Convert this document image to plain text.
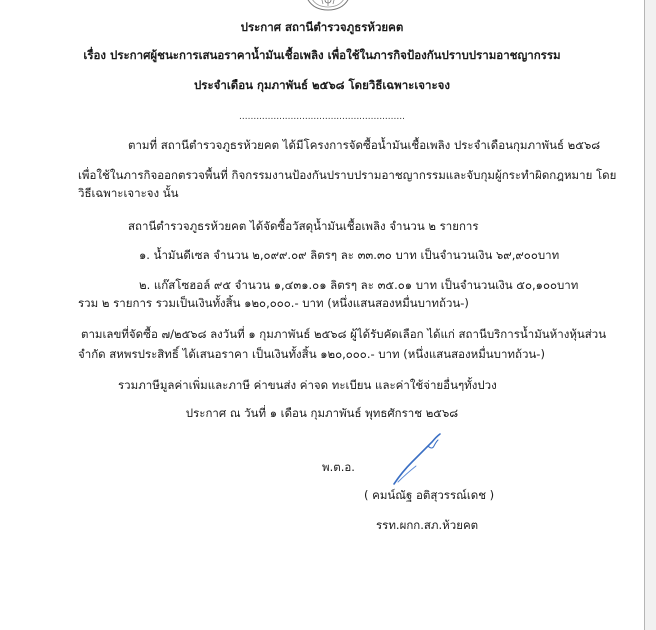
ประกาศ สถานีตำรวจภูธรห้วยคต
เรื่อง ประกาศผู้ชนะการเสนอราคาน้ำมันเชื้อเพลิง เพื่อใช้ในภารกิจป้องกันปราบปรามอาชญากรรม
ประจำเดือน กุมภาพันธ์ ๒๕๖๘ โดยวิธีเฉพาะเจาะจง
..........................................................
ตามที่ สถานีตำรวจภูธรห้วยคต ได้มีโครงการจัดซื้อน้ำมันเชื้อเพลิง ประจำเดือนกุมภาพันธ์ ๒๕๖๘
เพื่อใช้ในภารกิจออกตรวจพื้นที่ กิจกรรมงานป้องกันปราบปรามอาชญากรรมและจับกุมผู้กระทำผิดกฎหมาย โดย
วิธีเฉพาะเจาะจง นั้น
สถานีตำรวจภูธรห้วยคต ได้จัดซื้อวัสดุน้ำมันเชื้อเพลิง จำนวน ๒ รายการ
๑. น้ำมันดีเซล จำนวน ๒,๐๙๙.๐๙ ลิตรๆ ละ ๓๓.๓๐ บาท เป็นจำนวนเงิน ๖๙,๙๐๐บาท
๒. แก๊สโซฮอล์ ๙๕ จำนวน ๑,๔๓๑.๐๑ ลิตรๆ ละ ๓๕.๐๑ บาท เป็นจำนวนเงิน ๕๐,๑๐๐บาท
รวม ๒ รายการ รวมเป็นเงินทั้งสิ้น ๑๒๐,๐๐๐.- บาท (หนึ่งแสนสองหมื่นบาทถ้วน-)
ตามเลขที่จัดซื้อ ๗/๒๕๖๘ ลงวันที่ ๑ กุมภาพันธ์ ๒๕๖๘ ผู้ได้รับคัดเลือก ได้แก่ สถานีบริการน้ำมันห้างหุ้นส่วน
จำกัด สหพรประสิทธิ์ ได้เสนอราคา เป็นเงินทั้งสิ้น ๑๒๐,๐๐๐.- บาท (หนึ่งแสนสองหมื่นบาทถ้วน-)
รวมภาษีมูลค่าเพิ่มและภาษี ค่าขนส่ง ค่าจด ทะเบียน และค่าใช้จ่ายอื่นๆทั้งปวง
ประกาศ ณ วันที่ ๑ เดือน กุมภาพันธ์ พุทธศักราช ๒๕๖๘
พ.ต.อ.
( คมน์ณัฐ อติสุวรรณ์เดช )
รรท.ผกก.สภ.ห้วยคต
